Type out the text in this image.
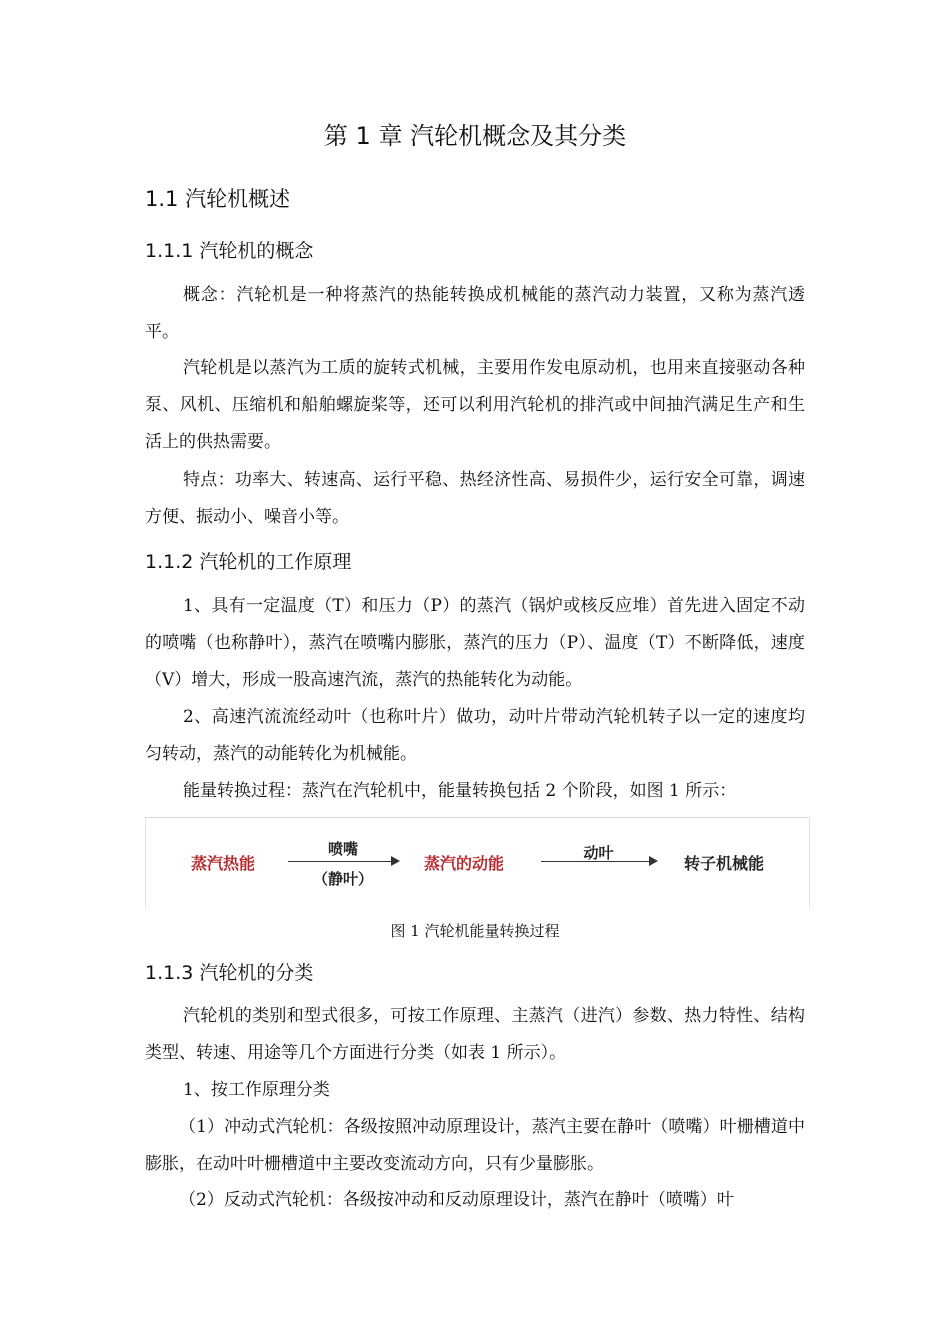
第 1 章 汽轮机概念及其分类
1.1 汽轮机概述
1.1.1 汽轮机的概念

概念：汽轮机是一种将蒸汽的热能转换成机械能的蒸汽动力装置，又称为蒸汽透平。

汽轮机是以蒸汽为工质的旋转式机械，主要用作发电原动机，也用来直接驱动各种泵、风机、压缩机和船舶螺旋桨等，还可以利用汽轮机的排汽或中间抽汽满足生产和生活上的供热需要。

特点：功率大、转速高、运行平稳、热经济性高、易损件少，运行安全可靠，调速方便、振动小、噪音小等。

1.1.2 汽轮机的工作原理

1、具有一定温度（T）和压力（P）的蒸汽（锅炉或核反应堆）首先进入固定不动的喷嘴（也称静叶），蒸汽在喷嘴内膨胀，蒸汽的压力（P）、温度（T）不断降低，速度（V）增大，形成一股高速汽流，蒸汽的热能转化为动能。

2、高速汽流流经动叶（也称叶片）做功，动叶片带动汽轮机转子以一定的速度均匀转动，蒸汽的动能转化为机械能。

能量转换过程：蒸汽在汽轮机中，能量转换包括 2 个阶段，如图 1 所示：

蒸汽热能
喷嘴
（静叶）
蒸汽的动能
动叶
转子机械能

图 1 汽轮机能量转换过程

1.1.3 汽轮机的分类

汽轮机的类别和型式很多，可按工作原理、主蒸汽（进汽）参数、热力特性、结构类型、转速、用途等几个方面进行分类（如表 1 所示）。

1、按工作原理分类

（1）冲动式汽轮机：各级按照冲动原理设计，蒸汽主要在静叶（喷嘴）叶栅槽道中膨胀，在动叶叶栅槽道中主要改变流动方向，只有少量膨胀。

（2）反动式汽轮机：各级按冲动和反动原理设计，蒸汽在静叶（喷嘴）叶
